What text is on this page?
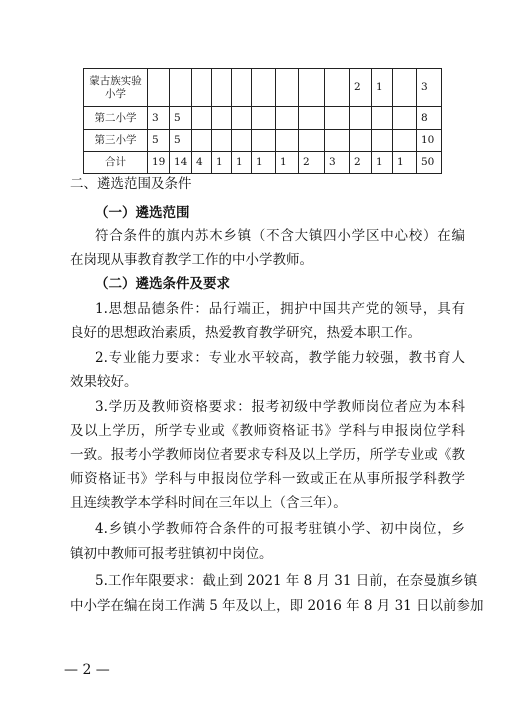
蒙古族实验小学										2	1		3
第二小学	3	5											8
第三小学	5	5											10
合计	19	14	4	1	1	1	1	2	3	2	1	1	50
二、遴选范围及条件
（一）遴选范围
符合条件的旗内苏木乡镇（不含大镇四小学区中心校）在编
在岗现从事教育教学工作的中小学教师。
（二）遴选条件及要求
1.思想品德条件：品行端正，拥护中国共产党的领导，具有
良好的思想政治素质，热爱教育教学研究，热爱本职工作。
2.专业能力要求：专业水平较高，教学能力较强，教书育人
效果较好。
3.学历及教师资格要求：报考初级中学教师岗位者应为本科
及以上学历，所学专业或《教师资格证书》学科与申报岗位学科
一致。报考小学教师岗位者要求专科及以上学历，所学专业或《教
师资格证书》学科与申报岗位学科一致或正在从事所报学科教学
且连续教学本学科时间在三年以上（含三年）。
4.乡镇小学教师符合条件的可报考驻镇小学、初中岗位，乡
镇初中教师可报考驻镇初中岗位。
5.工作年限要求：截止到 2021 年 8 月 31 日前，在奈曼旗乡镇
中小学在编在岗工作满 5 年及以上，即 2016 年 8 月 31 日以前参加
— 2 —
